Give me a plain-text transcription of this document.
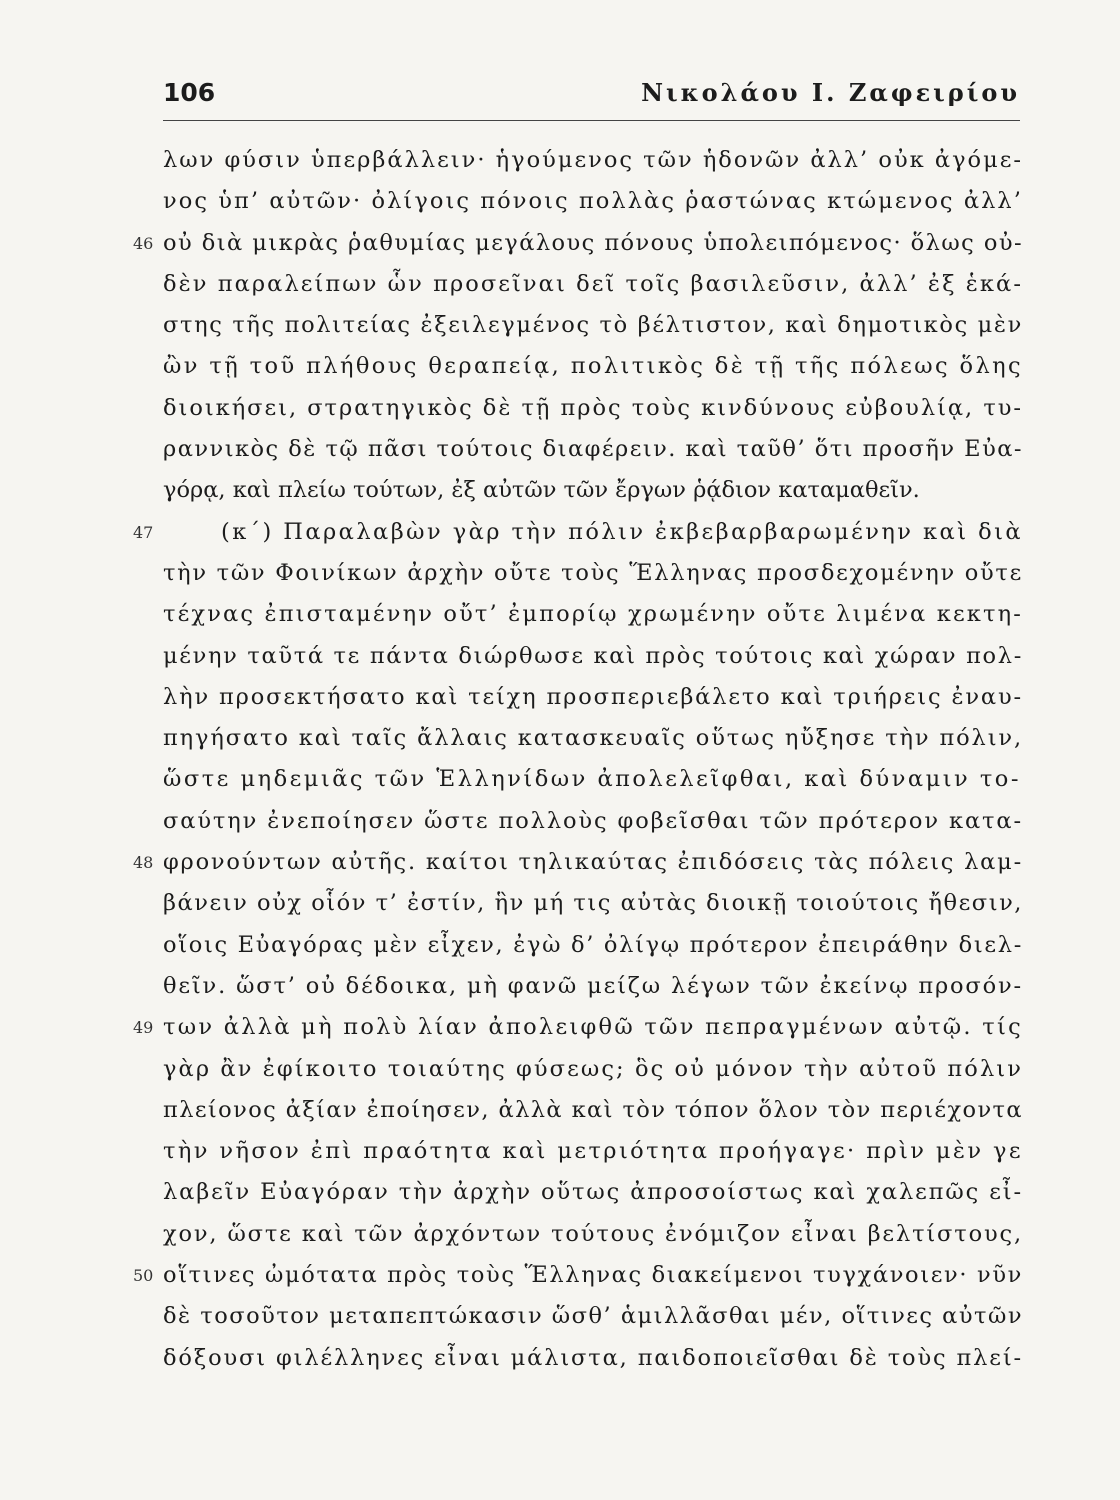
106	Νικολάου Ι. Ζαφειρίου
λων φύσιν ὑπερβάλλειν· ἡγούμενος τῶν ἡδονῶν ἀλλ’ οὐκ ἀγόμε-
νος ὑπ’ αὐτῶν· ὀλίγοις πόνοις πολλὰς ῥαστώνας κτώμενος ἀλλ’
46 οὐ διὰ μικρὰς ῥαθυμίας μεγάλους πόνους ὑπολειπόμενος· ὅλως οὐ-
δὲν παραλείπων ὧν προσεῖναι δεῖ τοῖς βασιλεῦσιν, ἀλλ’ ἐξ ἑκά-
στης τῆς πολιτείας ἐξειλεγμένος τὸ βέλτιστον, καὶ δημοτικὸς μὲν
ὢν τῇ τοῦ πλήθους θεραπείᾳ, πολιτικὸς δὲ τῇ τῆς πόλεως ὅλης
διοικήσει, στρατηγικὸς δὲ τῇ πρὸς τοὺς κινδύνους εὐβουλίᾳ, τυ-
ραννικὸς δὲ τῷ πᾶσι τούτοις διαφέρειν. καὶ ταῦθ’ ὅτι προσῆν Εὐα-
γόρᾳ, καὶ πλείω τούτων, ἐξ αὐτῶν τῶν ἔργων ῥᾴδιον καταμαθεῖν.
47	(κ΄) Παραλαβὼν γὰρ τὴν πόλιν ἐκβεβαρβαρωμένην καὶ διὰ
τὴν τῶν Φοινίκων ἀρχὴν οὔτε τοὺς Ἕλληνας προσδεχομένην οὔτε
τέχνας ἐπισταμένην οὔτ’ ἐμπορίῳ χρωμένην οὔτε λιμένα κεκτη-
μένην ταῦτά τε πάντα διώρθωσε καὶ πρὸς τούτοις καὶ χώραν πολ-
λὴν προσεκτήσατο καὶ τείχη προσπεριεβάλετο καὶ τριήρεις ἐναυ-
πηγήσατο καὶ ταῖς ἄλλαις κατασκευαῖς οὕτως ηὔξησε τὴν πόλιν,
ὥστε μηδεμιᾶς τῶν Ἑλληνίδων ἀπολελεῖφθαι, καὶ δύναμιν το-
σαύτην ἐνεποίησεν ὥστε πολλοὺς φοβεῖσθαι τῶν πρότερον κατα-
48 φρονούντων αὐτῆς. καίτοι τηλικαύτας ἐπιδόσεις τὰς πόλεις λαμ-
βάνειν οὐχ οἷόν τ’ ἐστίν, ἣν μή τις αὐτὰς διοικῇ τοιούτοις ἤθεσιν,
οἵοις Εὐαγόρας μὲν εἶχεν, ἐγὼ δ’ ὀλίγῳ πρότερον ἐπειράθην διελ-
θεῖν. ὥστ’ οὐ δέδοικα, μὴ φανῶ μείζω λέγων τῶν ἐκείνῳ προσόν-
49 των ἀλλὰ μὴ πολὺ λίαν ἀπολειφθῶ τῶν πεπραγμένων αὐτῷ. τίς
γὰρ ἂν ἐφίκοιτο τοιαύτης φύσεως; ὃς οὐ μόνον τὴν αὐτοῦ πόλιν
πλείονος ἀξίαν ἐποίησεν, ἀλλὰ καὶ τὸν τόπον ὅλον τὸν περιέχοντα
τὴν νῆσον ἐπὶ πραότητα καὶ μετριότητα προήγαγε· πρὶν μὲν γε
λαβεῖν Εὐαγόραν τὴν ἀρχὴν οὕτως ἀπροσοίστως καὶ χαλεπῶς εἶ-
χον, ὥστε καὶ τῶν ἀρχόντων τούτους ἐνόμιζον εἶναι βελτίστους,
50 οἵτινες ὠμότατα πρὸς τοὺς Ἕλληνας διακείμενοι τυγχάνοιεν· νῦν
δὲ τοσοῦτον μεταπεπτώκασιν ὥσθ’ ἁμιλλᾶσθαι μέν, οἵτινες αὐτῶν
δόξουσι φιλέλληνες εἶναι μάλιστα, παιδοποιεῖσθαι δὲ τοὺς πλεί-
